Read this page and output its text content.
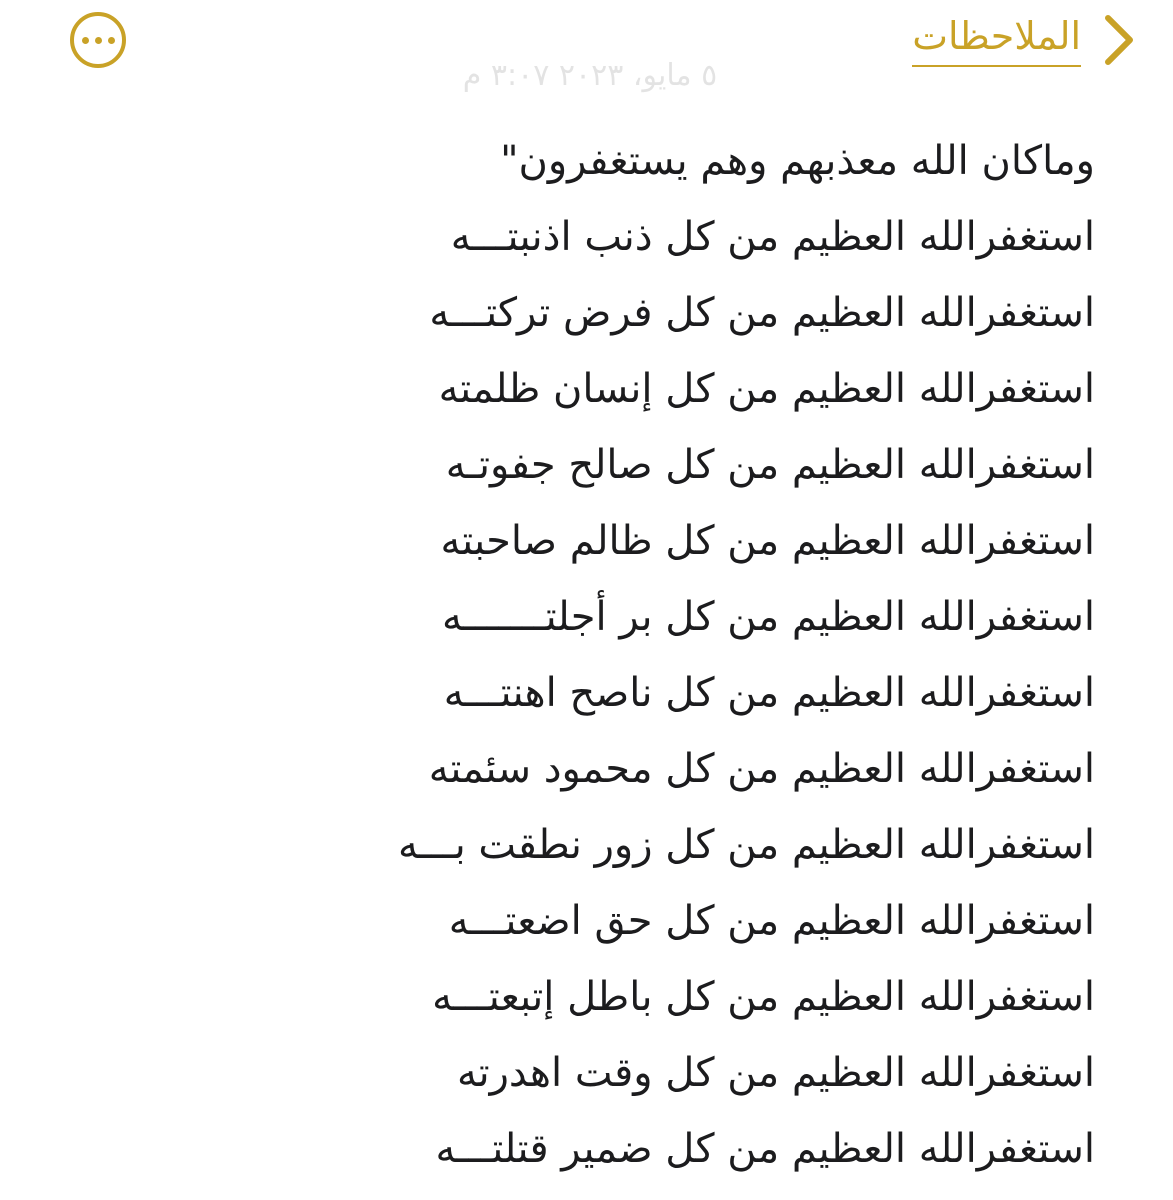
الملاحظات
٥ مايو، ٢٠٢٣ ٣:٠٧ م
وماكان الله معذبهم وهم يستغفرون"
استغفرالله العظيم من كل ذنب اذنبتـــه
استغفرالله العظيم من كل فرض تركتـــه
استغفرالله العظيم من كل إنسان ظلمته
استغفرالله العظيم من كل صالح جفوتـه
استغفرالله العظيم من كل ظالم صاحبته
استغفرالله العظيم من كل بر أجلتـــــــه
استغفرالله العظيم من كل ناصح اهنتـــه
استغفرالله العظيم من كل محمود سئمته
استغفرالله العظيم من كل زور نطقت بـــه
استغفرالله العظيم من كل حق اضعتـــه
استغفرالله العظيم من كل باطل إتبعتـــه
استغفرالله العظيم من كل وقت اهدرته
استغفرالله العظيم من كل ضمير قتلتـــه
